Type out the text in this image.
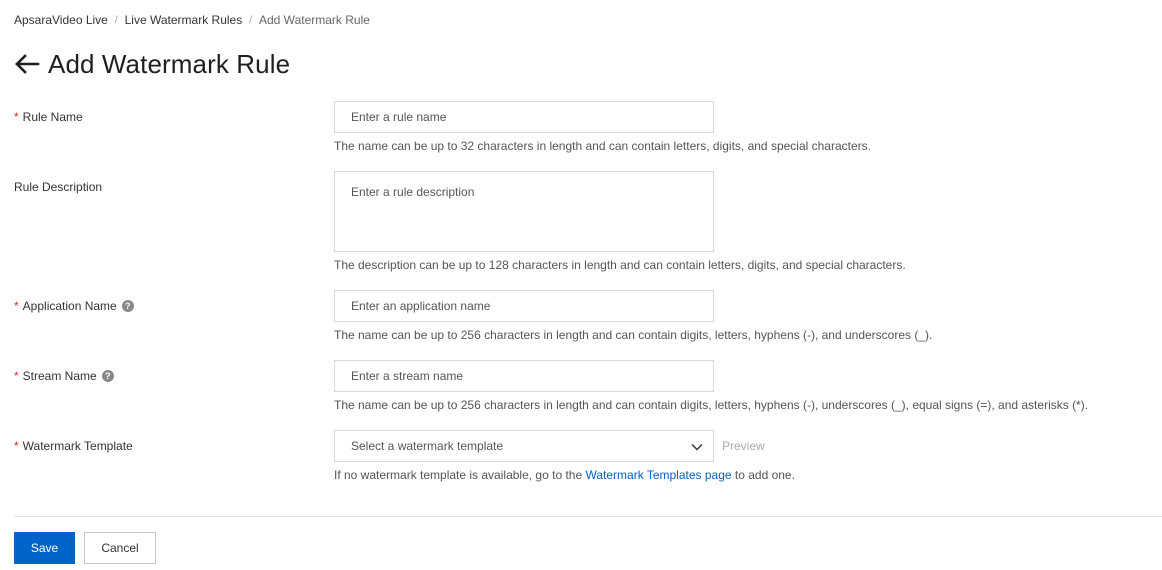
ApsaraVideo Live / Live Watermark Rules / Add Watermark Rule
Add Watermark Rule
* Rule Name
Enter a rule name
The name can be up to 32 characters in length and can contain letters, digits, and special characters.
Rule Description
Enter a rule description
The description can be up to 128 characters in length and can contain letters, digits, and special characters.
* Application Name ?
Enter an application name
The name can be up to 256 characters in length and can contain digits, letters, hyphens (-), and underscores (_).
* Stream Name ?
Enter a stream name
The name can be up to 256 characters in length and can contain digits, letters, hyphens (-), underscores (_), equal signs (=), and asterisks (*).
* Watermark Template	Select a watermark template	Preview
If no watermark template is available, go to the Watermark Templates page to add one.
Save	Cancel
